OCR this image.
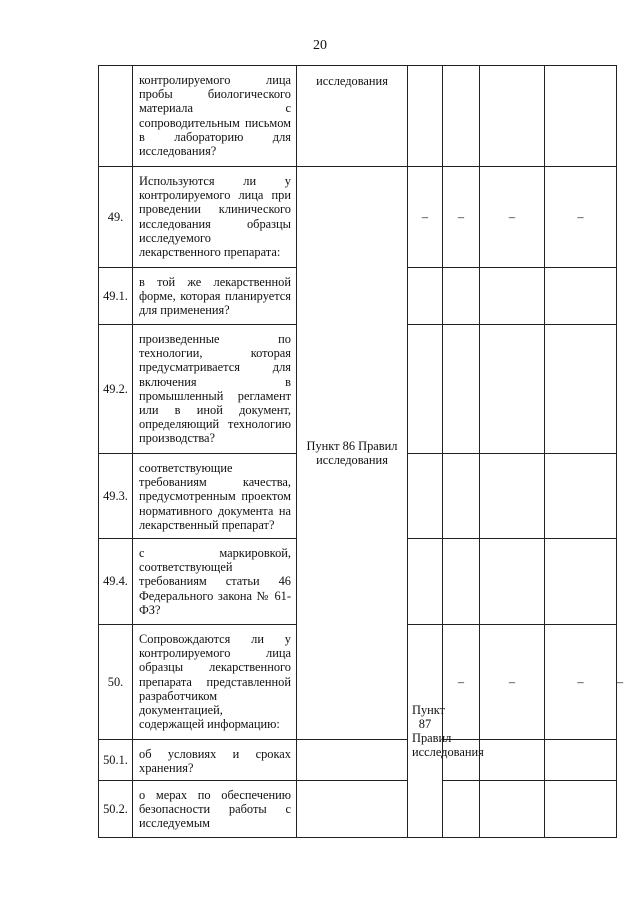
20
	контролируемого лица пробы биологического материала с сопроводительным письмом в лабораторию для исследования?	исследования					
49.	Используются ли у контролируемого лица при проведении клинического исследования образцы исследуемого лекарственного препарата:	Пункт 86 Правил исследования	–	–	–	–	
49.1.	в той же лекарственной форме, которая планируется для применения?						
49.2.	произведенные по технологии, которая предусматривается для включения в промышленный регламент или в иной документ, определяющий технологию производства?						
49.3.	соответствующие требованиям качества, предусмотренным проектом нормативного документа на лекарственный препарат?						
49.4.	с маркировкой, соответствующей требованиям статьи 46 Федерального закона № 61-ФЗ?						
50.	Сопровождаются ли у контролируемого лица образцы лекарственного препарата представленной разработчиком документацией, содержащей информацию:		Пункт 87 Правил исследования	–	–	–	–
50.1.	об условиях и сроках хранения?						
50.2.	о мерах по обеспечению безопасности работы с исследуемым						
